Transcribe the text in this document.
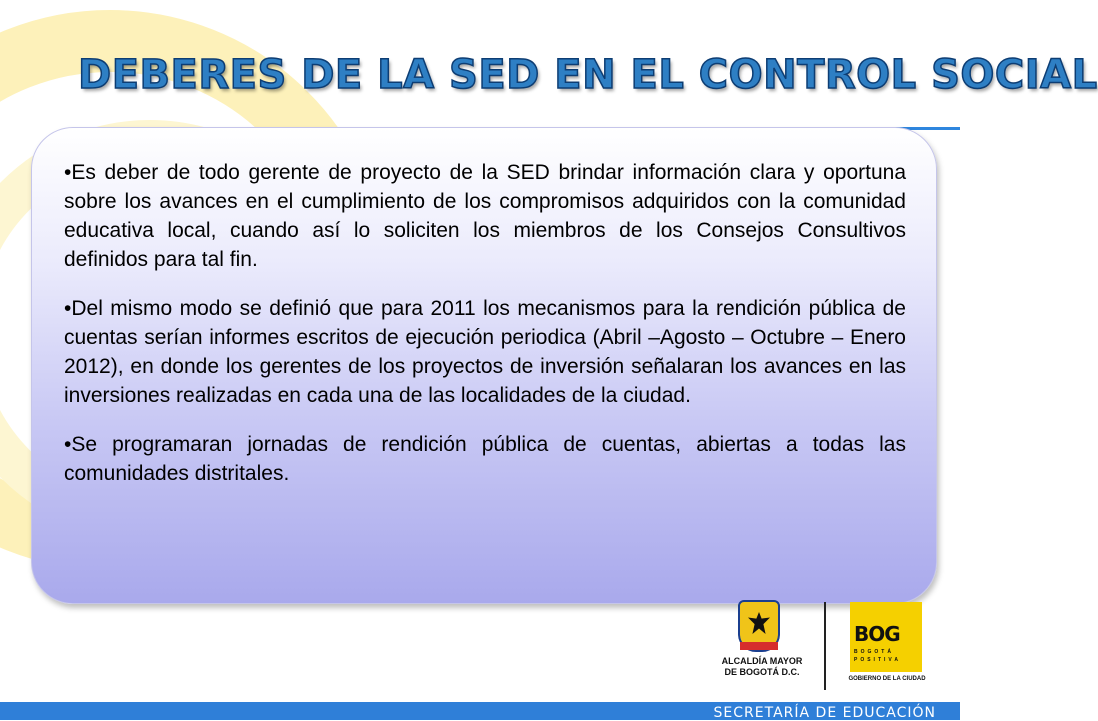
DEBERES DE LA SED EN EL CONTROL SOCIAL

•Es deber de todo gerente de proyecto de la SED brindar información clara y oportuna sobre los avances en el cumplimiento de los compromisos adquiridos con la comunidad educativa local, cuando así lo soliciten los miembros de los Consejos Consultivos definidos para tal fin.

•Del mismo modo se definió que para 2011 los mecanismos para la rendición pública de cuentas serían informes escritos de ejecución periodica (Abril –Agosto – Octubre – Enero 2012), en donde los gerentes de los proyectos de inversión señalaran los avances en las inversiones realizadas en cada una de las localidades de la ciudad.

•Se programaran jornadas de rendición pública de cuentas, abiertas a todas las comunidades distritales.

ALCALDÍA MAYOR
DE BOGOTÁ D.C.
BOG
BOGOTÁ
POSITIVA
GOBIERNO DE LA CIUDAD
SECRETARÍA DE EDUCACIÓN
